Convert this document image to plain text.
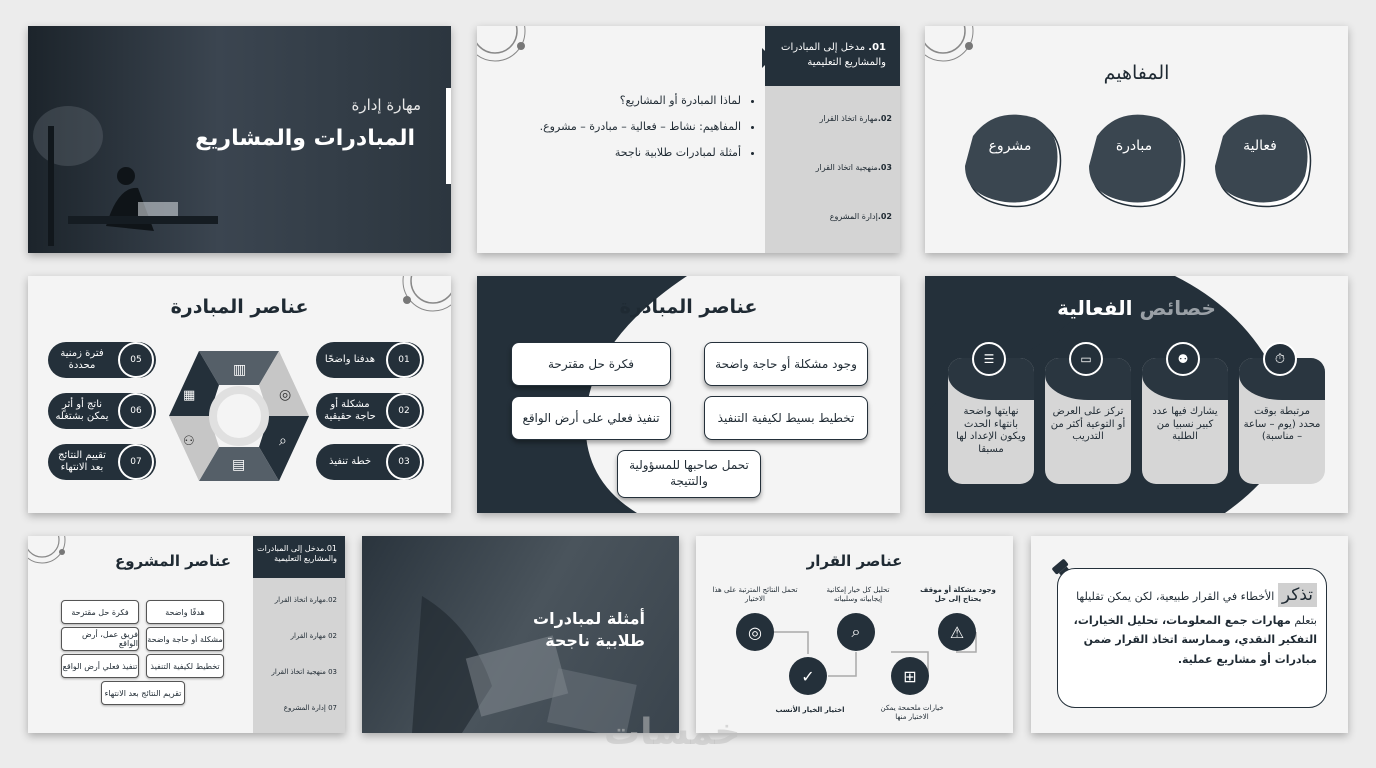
مهارة إدارة
المبادرات والمشاريع
01. مدخل إلى المبادرات والمشاريع التعليمية
02.مهارة اتخاذ القرار
03.منهجية اتخاذ القرار
02.إدارة المشروع
• لماذا المبادرة أو المشاريع؟
• المفاهيم: نشاط – فعالية – مبادرة – مشروع.
• أمثلة لمبادرات طلابية ناجحة
المفاهيم
فعالية
مبادرة
مشروع
عناصر المبادرة
▥
◎
⌕
▤
⚇
▦
01
هدفنا واضحًا
02
مشكلة أو حاجة حقيقية
03
خطة تنفيذ
05
فترة زمنية محددة
06
ناتج أو أثرٍ يمكن بشتغله
07
تقييم النتائج بعد الانتهاء
عناصر المبادرة
وجود مشكلة أو حاجة واضحة
فكرة حل مقترحة
تخطيط بسيط لكيفية التنفيذ
تنفيذ فعلي على أرض الواقع
تحمل صاحبها للمسؤولية والتتيجة
خصائص الفعالية
مرتبطة بوقت محدد (يوم – ساعة – مناسبة)
يشارك فيها عدد كبير نسبيا من الطلبة
تركز على العرض أو التوعية أكثر من التدريب
نهايتها واضحة بانتهاء الحدث ويكون الإعداد لها مسبقا
⏱
⚉
▭
☰
عناصر المشروع
01.مدخل إلى المبادرات والمشاريع التعليمية
02.مهارة اتخاذ القرار
02 مهارة القرار
03 منهجية اتخاذ القرار
07 إدارة المشروع
هدفًا واضحة
فكرة حل مقترحة
مشكلة أو حاجة واضحة
فريق عمل، أرض الواقع
تخطيط لكيفية التنفيذ
تنفيذ فعلي أرض الواقع
تقريم النتائج بعد الانتهاء
أمثلة لمبادرات طلابية ناجحة
عناصر القرار
⚠
⌕
◎
⊞
✓
وجود مشكلة أو موقف يحتاج إلى حل
تحليل كل خيار إمكانية إيجابياته وسلبياته
تحمل النتائج المترتبة على هذا الاختيار
خيارات ملحمحة يمكن الاختيار منها
اختيار الخيار الأنسب
تذكر الأخطاء في القرار طبيعية، لكن يمكن تقليلها بتعلم مهارات جمع المعلومات، تحليل الخيارات، التفكير النقدي، وممارسة اتخاذ القرار ضمن مبادرات أو مشاريع عملية.
خمسات
